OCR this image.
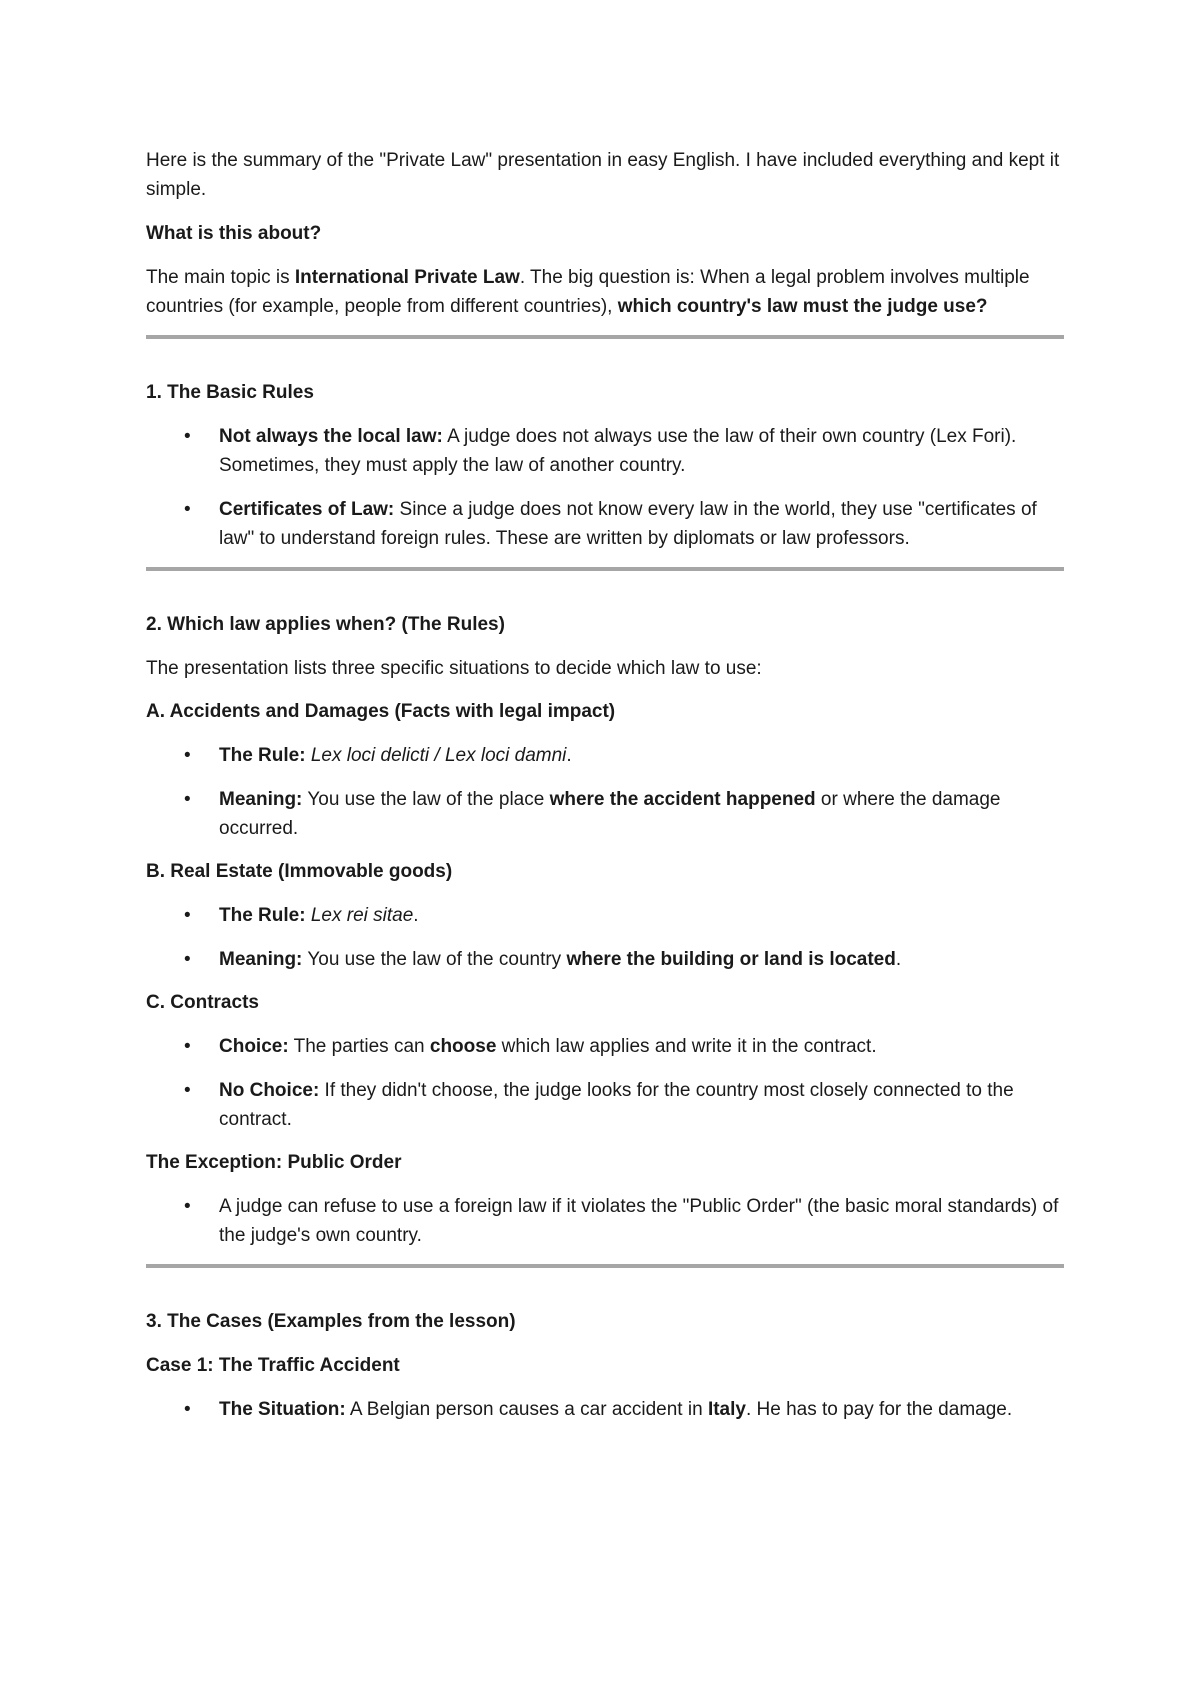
Here is the summary of the "Private Law" presentation in easy English. I have included everything and kept it simple.

What is this about?

The main topic is International Private Law. The big question is: When a legal problem involves multiple countries (for example, people from different countries), which country's law must the judge use?

1. The Basic Rules

• Not always the local law: A judge does not always use the law of their own country (Lex Fori). Sometimes, they must apply the law of another country.
• Certificates of Law: Since a judge does not know every law in the world, they use "certificates of law" to understand foreign rules. These are written by diplomats or law professors.

2. Which law applies when? (The Rules)

The presentation lists three specific situations to decide which law to use:

A. Accidents and Damages (Facts with legal impact)

• The Rule: Lex loci delicti / Lex loci damni.
• Meaning: You use the law of the place where the accident happened or where the damage occurred.

B. Real Estate (Immovable goods)

• The Rule: Lex rei sitae.
• Meaning: You use the law of the country where the building or land is located.

C. Contracts

• Choice: The parties can choose which law applies and write it in the contract.
• No Choice: If they didn't choose, the judge looks for the country most closely connected to the contract.

The Exception: Public Order

• A judge can refuse to use a foreign law if it violates the "Public Order" (the basic moral standards) of the judge's own country.

3. The Cases (Examples from the lesson)

Case 1: The Traffic Accident

• The Situation: A Belgian person causes a car accident in Italy. He has to pay for the damage.
